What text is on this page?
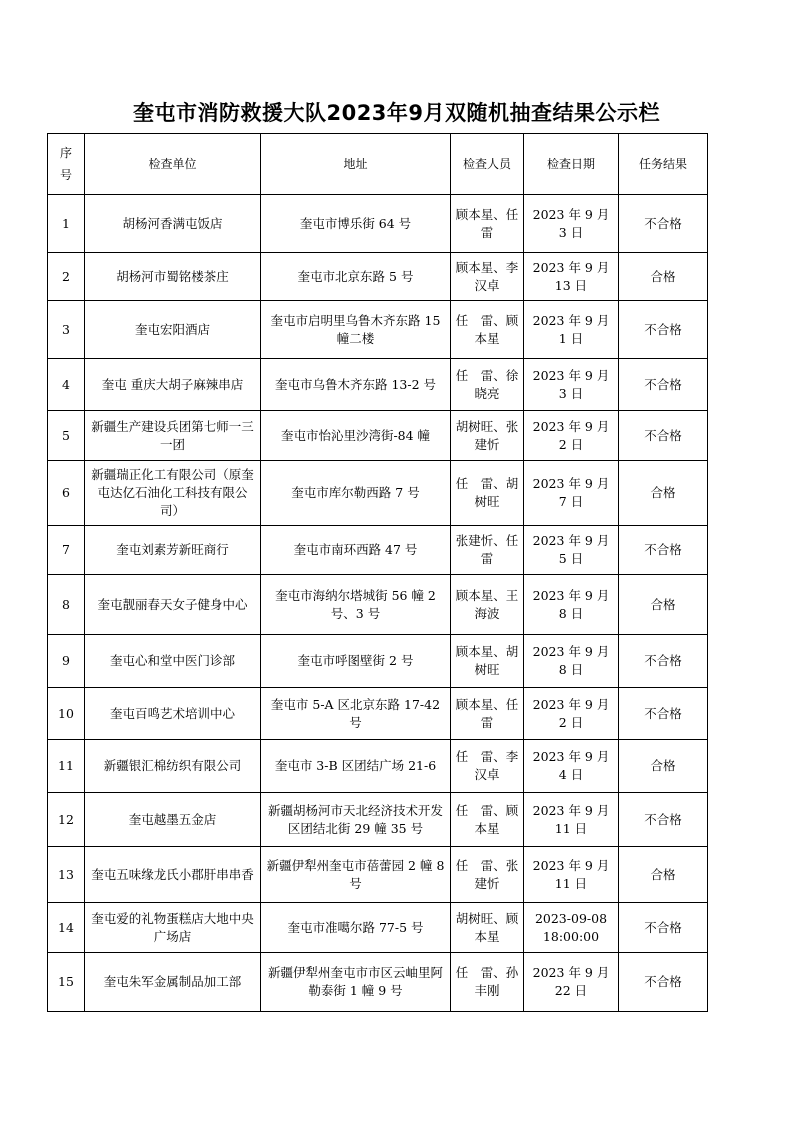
奎屯市消防救援大队2023年9月双随机抽查结果公示栏
序号	检查单位	地址	检查人员	检查日期	任务结果
1	胡杨河香满屯饭店	奎屯市博乐街 64 号	顾本星、任　雷	2023 年 9 月 3 日	不合格
2	胡杨河市蜀铭楼茶庄	奎屯市北京东路 5 号	顾本星、李汉卓	2023 年 9 月 13 日	合格
3	奎屯宏阳酒店	奎屯市启明里乌鲁木齐东路 15 幢二楼	任　雷、顾本星	2023 年 9 月 1 日	不合格
4	奎屯 重庆大胡子麻辣串店	奎屯市乌鲁木齐东路 13-2 号	任　雷、徐晓亮	2023 年 9 月 3 日	不合格
5	新疆生产建设兵团第七师一三一团	奎屯市怡沁里沙湾街-84 幢	胡树旺、张建忻	2023 年 9 月 2 日	不合格
6	新疆瑞正化工有限公司（原奎屯达亿石油化工科技有限公司）	奎屯市库尔勒西路 7 号	任　雷、胡树旺	2023 年 9 月 7 日	合格
7	奎屯刘素芳新旺商行	奎屯市南环西路 47 号	张建忻、任　雷	2023 年 9 月 5 日	不合格
8	奎屯靓丽春天女子健身中心	奎屯市海纳尔塔城街 56 幢 2 号、3 号	顾本星、王海波	2023 年 9 月 8 日	合格
9	奎屯心和堂中医门诊部	奎屯市呼图壁街 2 号	顾本星、胡树旺	2023 年 9 月 8 日	不合格
10	奎屯百鸣艺术培训中心	奎屯市 5-A 区北京东路 17-42 号	顾本星、任　雷	2023 年 9 月 2 日	不合格
11	新疆银汇棉纺织有限公司	奎屯市 3-B 区团结广场 21-6	任　雷、李汉卓	2023 年 9 月 4 日	合格
12	奎屯越墨五金店	新疆胡杨河市天北经济技术开发区团结北街 29 幢 35 号	任　雷、顾本星	2023 年 9 月 11 日	不合格
13	奎屯五味缘龙氏小郡肝串串香	新疆伊犁州奎屯市蓓蕾园 2 幢 8 号	任　雷、张建忻	2023 年 9 月 11 日	合格
14	奎屯爱的礼物蛋糕店大地中央广场店	奎屯市准噶尔路 77-5 号	胡树旺、顾本星	2023-09-08 18:00:00	不合格
15	奎屯朱军金属制品加工部	新疆伊犁州奎屯市市区云岫里阿勒泰街 1 幢 9 号	任　雷、孙丰刚	2023 年 9 月 22 日	不合格
